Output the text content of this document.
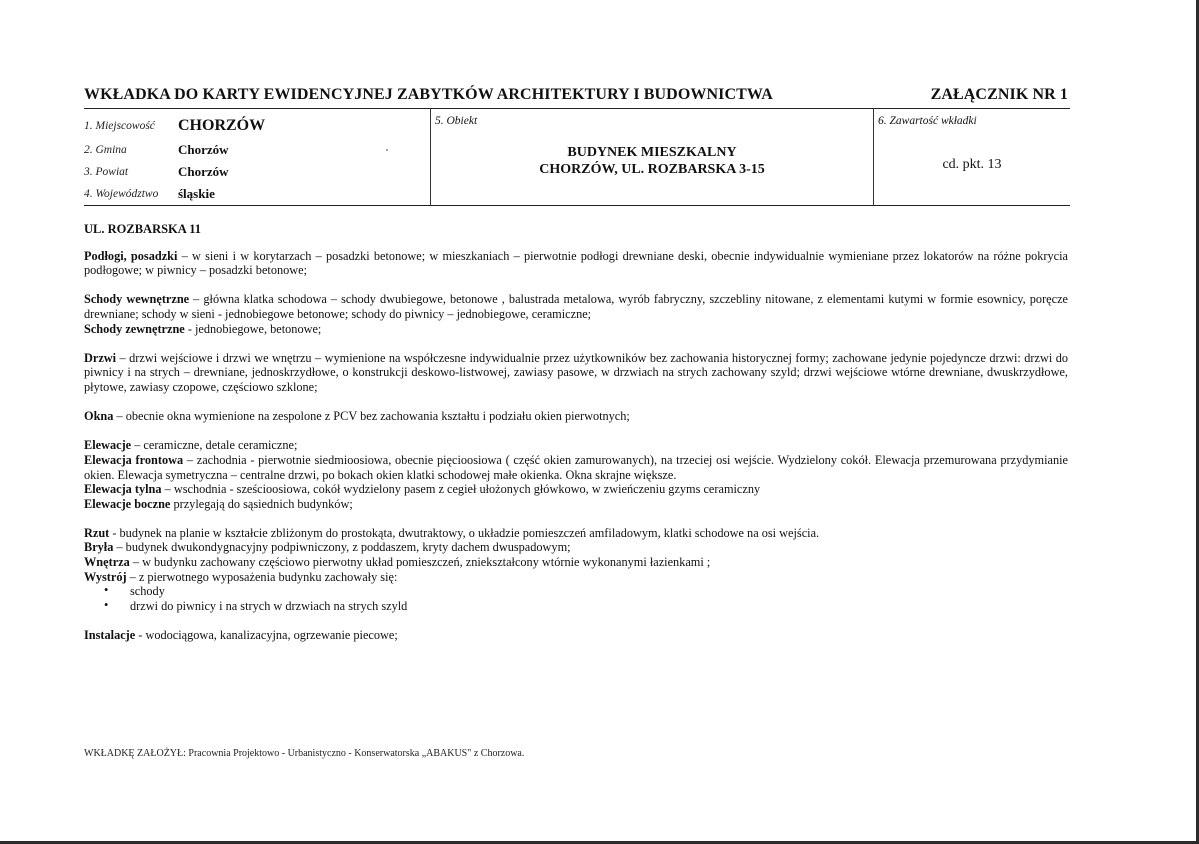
WKŁADKA DO KARTY EWIDENCYJNEJ ZABYTKÓW ARCHITEKTURY I BUDOWNICTWA	ZAŁĄCZNIK NR 1
1. Miejscowość	CHORZÓW
2. Gmina	Chorzów
3. Powiat	Chorzów
4. Województwo	śląskie

5. Obiekt
BUDYNEK MIESZKALNY
CHORZÓW, UL. ROZBARSKA 3-15

6. Zawartość wkładki
cd. pkt. 13

UL. ROZBARSKA 11

Podłogi, posadzki – w sieni i w korytarzach – posadzki betonowe; w mieszkaniach – pierwotnie podłogi drewniane deski, obecnie indywidualnie wymieniane przez lokatorów na różne pokrycia podłogowe; w piwnicy – posadzki betonowe;

Schody wewnętrzne – główna klatka schodowa – schody dwubiegowe, betonowe , balustrada metalowa, wyrób fabryczny, szczebliny nitowane, z elementami kutymi w formie esownicy, poręcze drewniane; schody w sieni - jednobiegowe betonowe; schody do piwnicy – jednobiegowe, ceramiczne;

Schody zewnętrzne - jednobiegowe, betonowe;

Drzwi – drzwi wejściowe i drzwi we wnętrzu – wymienione na współczesne indywidualnie przez użytkowników bez zachowania historycznej formy; zachowane jedynie pojedyncze drzwi: drzwi do piwnicy i na strych – drewniane, jednoskrzydłowe, o konstrukcji deskowo-listwowej, zawiasy pasowe, w drzwiach na strych zachowany szyld; drzwi wejściowe wtórne drewniane, dwuskrzydłowe, płytowe, zawiasy czopowe, częściowo szklone;

Okna – obecnie okna wymienione na zespolone z PCV bez zachowania kształtu i podziału okien pierwotnych;

Elewacje – ceramiczne, detale ceramiczne;

Elewacja frontowa – zachodnia - pierwotnie siedmioosiowa, obecnie pięcioosiowa ( część okien zamurowanych), na trzeciej osi wejście. Wydzielony cokół. Elewacja przemurowana przydymianie okien. Elewacja symetryczna – centralne drzwi, po bokach okien klatki schodowej małe okienka. Okna skrajne większe.

Elewacja tylna – wschodnia - sześcioosiowa, cokół wydzielony pasem z cegieł ułożonych główkowo, w zwieńczeniu gzyms ceramiczny

Elewacje boczne przylegają do sąsiednich budynków;

Rzut - budynek na planie w kształcie zbliżonym do prostokąta, dwutraktowy, o układzie pomieszczeń amfiladowym, klatki schodowe na osi wejścia.

Bryła – budynek dwukondygnacyjny podpiwniczony, z poddaszem, kryty dachem dwuspadowym;

Wnętrza – w budynku zachowany częściowo pierwotny układ pomieszczeń, zniekształcony wtórnie wykonanymi łazienkami ;

Wystrój – z pierwotnego wyposażenia budynku zachowały się:

• schody
• drzwi do piwnicy i na strych w drzwiach na strych szyld

Instalacje - wodociągowa, kanalizacyjna, ogrzewanie piecowe;

WKŁADKĘ ZAŁOŻYŁ: Pracownia Projektowo - Urbanistyczno - Konserwatorska „ABAKUS" z Chorzowa.
